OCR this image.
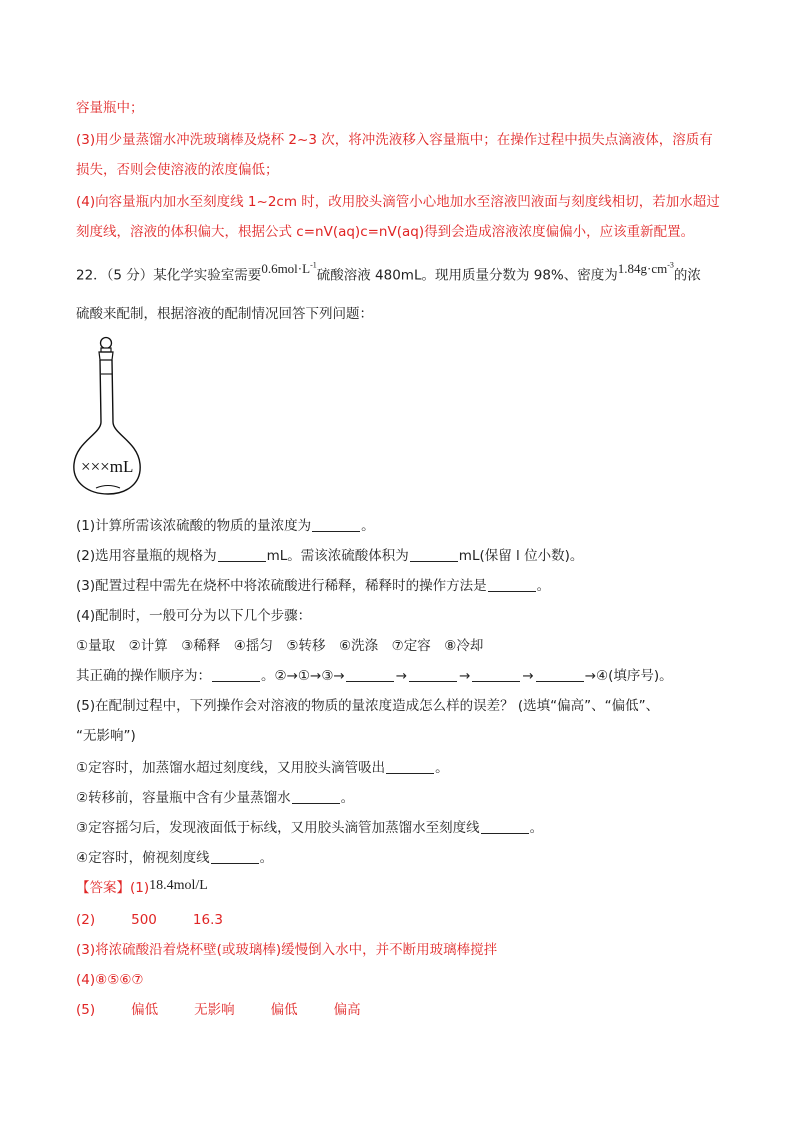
容量瓶中；
(3)用少量蒸馏水冲洗玻璃棒及烧杯 2~3 次，将冲洗液移入容量瓶中；在操作过程中损失点滴液体，溶质有
损失，否则会使溶液的浓度偏低；
(4)向容量瓶内加水至刻度线 1~2cm 时，改用胶头滴管小心地加水至溶液凹液面与刻度线相切，若加水超过
刻度线，溶液的体积偏大，根据公式 c=nV(aq)c=nV(aq)得到会造成溶液浓度偏偏小，应该重新配置。
22．（5 分）某化学实验室需要$0.6mol\cdot L^{-1}$硫酸溶液 480mL。现用质量分数为 98%、密度为$1.84g\cdot cm^{-3}$的浓
硫酸来配制，根据溶液的配制情况回答下列问题：
×××mL
(1)计算所需该浓硫酸的物质的量浓度为	。
(2)选用容量瓶的规格为	mL。需该浓硫酸体积为	mL(保留 l 位小数)。
(3)配置过程中需先在烧杯中将浓硫酸进行稀释，稀释时的操作方法是	。
(4)配制时，一般可分为以下几个步骤：
①量取　②计算　③稀释　④摇匀　⑤转移　⑥洗涤　⑦定容　⑧冷却
其正确的操作顺序为：	。②→①→③→	→	→	→	→④(填序号)。
(5)在配制过程中，下列操作会对溶液的物质的量浓度造成怎么样的误差？ (选填“偏高”、“偏低”、
“无影响”)
①定容时，加蒸馏水超过刻度线，又用胶头滴管吸出	。
②转移前，容量瓶中含有少量蒸馏水	。
③定容摇匀后，发现液面低于标线，又用胶头滴管加蒸馏水至刻度线	。
④定容时，俯视刻度线	。
【答案】(1)18.4mol/L
(2)	500	16.3
(3)将浓硫酸沿着烧杯壁(或玻璃棒)缓慢倒入水中，并不断用玻璃棒搅拌
(4)⑧⑤⑥⑦
(5)	偏低	无影响	偏低	偏高
